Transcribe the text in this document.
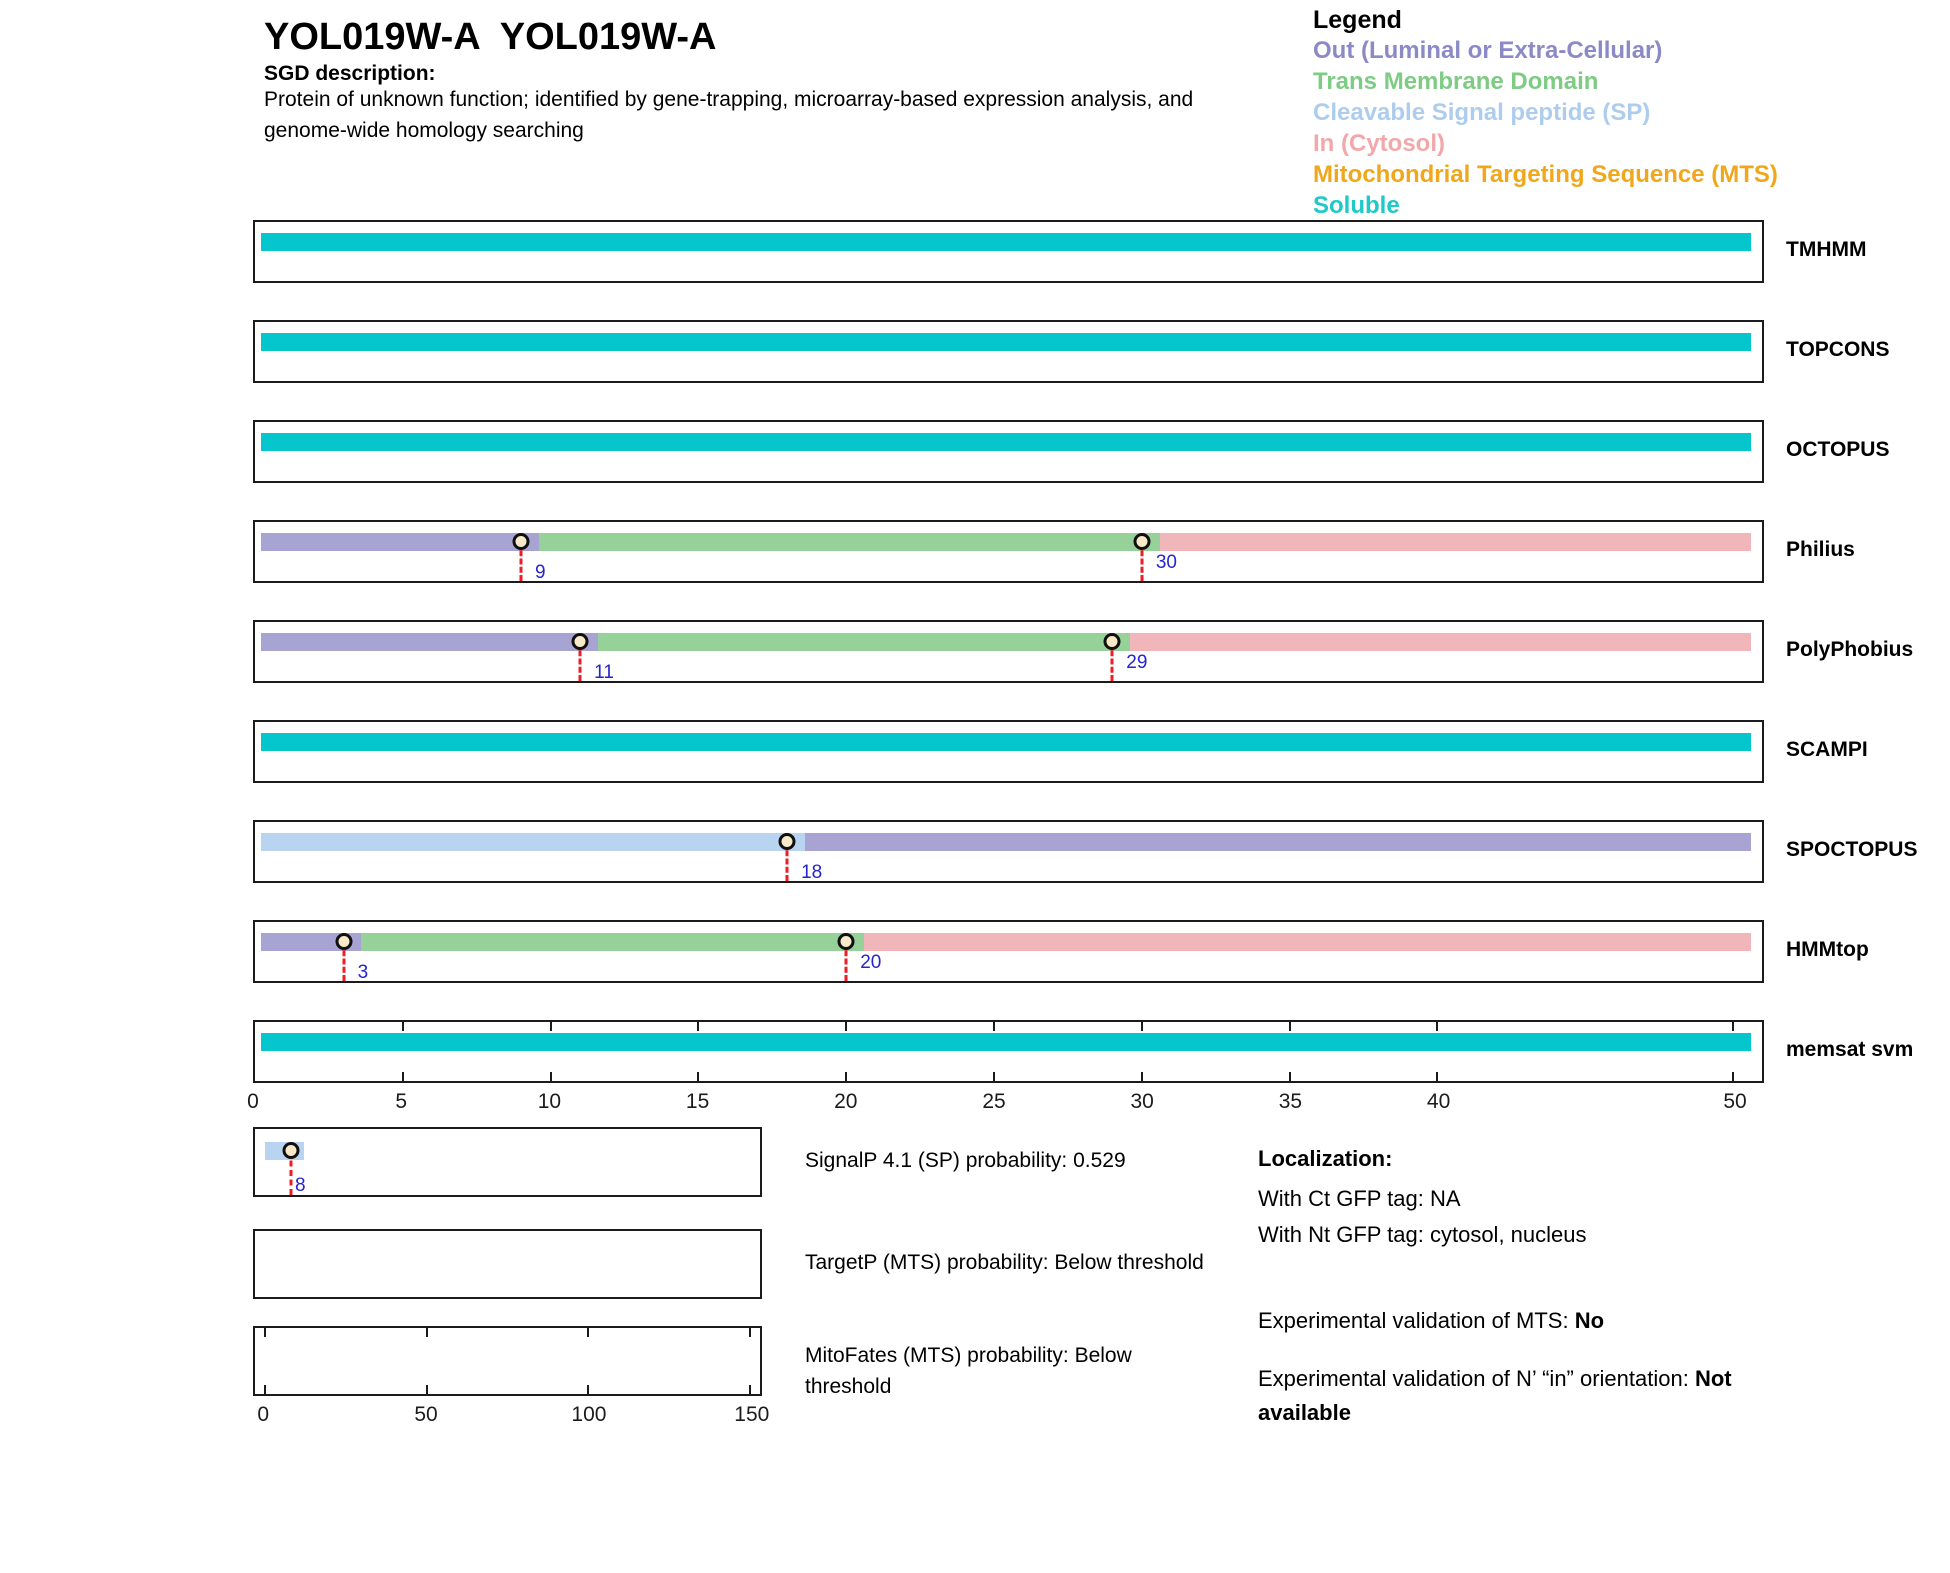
YOL019W-A  YOL019W-A
SGD description:
Protein of unknown function; identified by gene-trapping, microarray-based expression analysis, and
genome-wide homology searching
Legend
Out (Luminal or Extra-Cellular)
Trans Membrane Domain
Cleavable Signal peptide (SP)
In (Cytosol)
Mitochondrial Targeting Sequence (MTS)
Soluble
TMHMM
TOPCONS
OCTOPUS
9	30
Philius
11	29
PolyPhobius
SCAMPI
18
SPOCTOPUS
3	20
HMMtop
memsat svm
0	5	10	15	20	25	30	35	40	50
8
SignalP 4.1 (SP) probability: 0.529
TargetP (MTS) probability: Below threshold
0	50	100	150
MitoFates (MTS) probability: Below
threshold
Localization:
With Ct GFP tag: NA
With Nt GFP tag: cytosol, nucleus
Experimental validation of MTS: No
Experimental validation of N’ “in” orientation: Not
available
